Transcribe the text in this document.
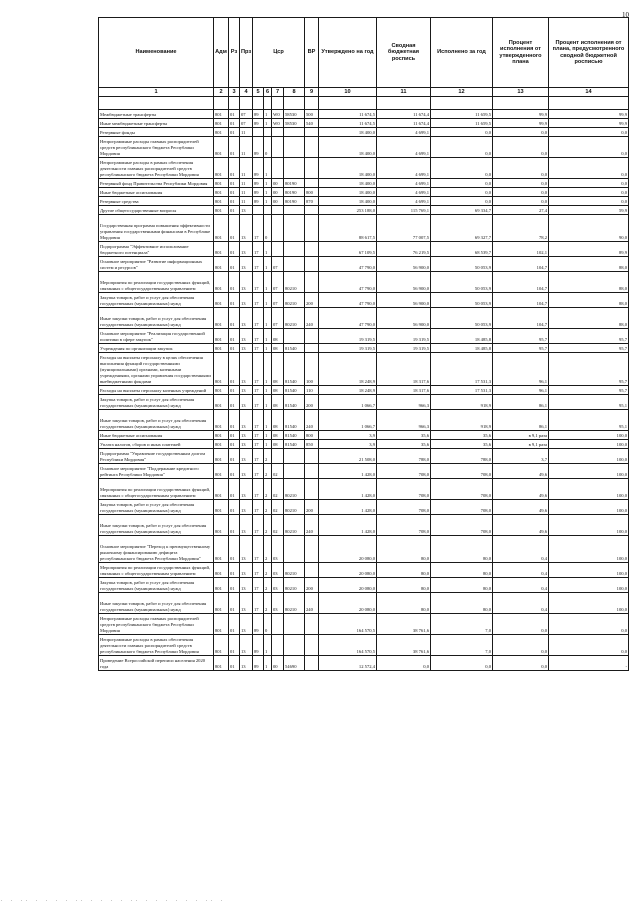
10
Наименование	Адм	Рз	Прз	Цср				ВР	Утверждено на год	Сводная бюджетная роспись	Исполнено за год	Процент исполнения от утвержденного плана	Процент исполнения от плана, предусмотренного сводной бюджетной росписью
1	2	3	4	5	6	7	8	9	10	11	12	13	14

Межбюджетные трансферты	801	01	07	89	1	W0	58530	500	11 674,5	11 674,4	11 659,5	99,9	99,9
Иные межбюджетные трансферты	801	01	07	89	1	W0	58530	540	11 674,5	11 674,4	11 659,5	99,9	99,9
Резервные фонды	801	01	11						18 400,0	4 699,1	0,0	0,0	0,0
Непрограммные расходы главных распорядителей средств республиканского бюджета Республики Мордовия	801	01	11	89	0				18 400,0	4 699,1	0,0	0,0	0,0
Непрограммные расходы в рамках обеспечения деятельности главных распорядителей средств республиканского бюджета Республики Мордовия	801	01	11	89	1				18 400,0	4 699,1	0,0	0,0	0,0
Резервный фонд Правительства Республики Мордовия	801	01	11	89	1	00	80190		18 400,0	4 699,1	0,0	0,0	0,0
Иные бюджетные ассигнования	801	01	11	89	1	00	80190	800	18 400,0	4 699,1	0,0	0,0	0,0
Резервные средства	801	01	11	89	1	00	80190	870	18 400,0	4 699,1	0,0	0,0	0,0
Другие общегосударственные вопросы	801	01	13						253 188,0	115 769,1	69 334,7	27,4	59,9
Государственная программа повышения эффективности управления государственными финансами в Республике Мордовия	801	01	13	17	0				88 617,5	77 007,5	69 327,7	78,2	90,0
Подпрограмма "Эффективное использование бюджетного потенциала"	801	01	13	17	1				67 109,5	76 219,5	68 539,7	102,1	89,9
Основное мероприятие "Развитие информационных систем и ресурсов"	801	01	13	17	1	07			47 790,0	56 900,0	50 053,9	104,7	88,0
Мероприятия по реализации государственных функций, связанных с общегосударственным управлением	801	01	13	17	1	07	80210		47 790,0	56 900,0	50 053,9	104,7	88,0
Закупка товаров, работ и услуг для обеспечения государственных (муниципальных) нужд	801	01	13	17	1	07	80210	200	47 790,0	56 900,0	50 053,9	104,7	88,0
Иные закупки товаров, работ и услуг для обеспечения государственных (муниципальных) нужд	801	01	13	17	1	07	80210	240	47 790,0	56 900,0	50 053,9	104,7	88,0
Основное мероприятие "Реализация государственной политики в сфере закупок"	801	01	13	17	1	08			19 319,5	19 319,5	18 485,8	95,7	95,7
Учреждения по организации закупок	801	01	13	17	1	08	81540		19 319,5	19 319,5	18 485,8	95,7	95,7
Расходы на выплаты персоналу в целях обеспечения выполнения функций государственными (муниципальными) органами, казенными учреждениями, органами управления государственными внебюджетными фондами	801	01	13	17	1	08	81540	100	18 248,9	18 317,6	17 531,3	96,1	95,7
Расходы на выплаты персоналу казенных учреждений	801	01	13	17	1	08	81540	110	18 248,9	18 317,6	17 531,3	96,1	95,7
Закупка товаров, работ и услуг для обеспечения государственных (муниципальных) нужд	801	01	13	17	1	08	81540	200	1 066,7	966,3	918,9	86,1	95,1
Иные закупки товаров, работ и услуг для обеспечения государственных (муниципальных) нужд	801	01	13	17	1	08	81540	240	1 066,7	966,3	918,9	86,1	95,1
Иные бюджетные ассигнования	801	01	13	17	1	08	81540	800	3,9	35,6	35,6	в 9,1 раза	100,0
Уплата налогов, сборов и иных платежей	801	01	13	17	1	08	81540	850	3,9	35,6	35,6	в 9,1 раза	100,0
Подпрограмма "Управление государственным долгом Республики Мордовия"	801	01	13	17	2				21 508,0	788,0	788,0	3,7	100,0
Основное мероприятие "Поддержание кредитного рейтинга Республики Мордовия"	801	01	13	17	2	02			1 428,0	708,0	708,0	49,6	100,0
Мероприятия по реализации государственных функций, связанных с общегосударственным управлением	801	01	13	17	2	02	80210		1 428,0	708,0	708,0	49,6	100,0
Закупка товаров, работ и услуг для обеспечения государственных (муниципальных) нужд	801	01	13	17	2	02	80210	200	1 428,0	708,0	708,0	49,6	100,0
Иные закупки товаров, работ и услуг для обеспечения государственных (муниципальных) нужд	801	01	13	17	2	02	80210	240	1 428,0	708,0	708,0	49,6	100,0
Основное мероприятие "Переход к преимущественному рыночному финансированию дефицита республиканского бюджета Республики Мордовия"	801	01	13	17	2	03			20 080,0	80,0	80,0	0,4	100,0
Мероприятия по реализации государственных функций, связанных с общегосударственным управлением	801	01	13	17	2	03	80210		20 080,0	80,0	80,0	0,4	100,0
Закупка товаров, работ и услуг для обеспечения государственных (муниципальных) нужд	801	01	13	17	2	03	80210	200	20 080,0	80,0	80,0	0,4	100,0
Иные закупки товаров, работ и услуг для обеспечения государственных (муниципальных) нужд	801	01	13	17	2	03	80210	240	20 080,0	80,0	80,0	0,4	100,0
Непрограммные расходы главных распорядителей средств республиканского бюджета Республики Мордовия	801	01	13	89	0				164 570,5	38 761,6	7,0	0,0	0,0
Непрограммные расходы в рамках обеспечения деятельности главных распорядителей средств республиканского бюджета Республики Мордовия	801	01	13	89	1				164 570,5	38 761,6	7,0	0,0	0,0
Проведение Всероссийской переписи населения 2020 года	801	01	13	89	1	00	54690		12 572,4	0,0	0,0	0,0	-
· · ·· · · · · ·· · · · · ·· · · · · · · ·· ·
